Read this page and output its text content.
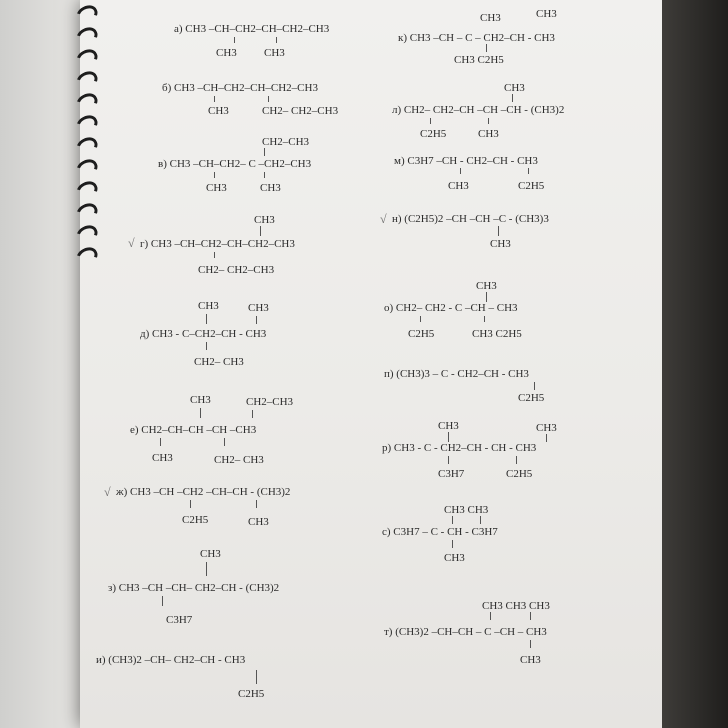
а) CH3 –CH–CH2–CH–CH2–CH3
CH3 CH3
б) CH3 –CH–CH2–CH–CH2–CH3
CH3	CH2– CH2–CH3
CH2–CH3
в) CH3 –CH–CH2– C –CH2–CH3
CH3	CH3
CH3
√ г) CH3 –CH–CH2–CH–CH2–CH3
CH2– CH2–CH3
CH3	CH3
д) CH3 - C–CH2–CH - CH3
CH2– CH3
CH3	CH2–CH3
е) CH2–CH–CH –CH –CH3
CH3	CH2– CH3
√ ж) CH3 –CH –CH2 –CH–CH - (CH3)2
C2H5	CH3
CH3
з) CH3 –CH –CH– CH2–CH - (CH3)2
C3H7
и) (CH3)2 –CH– CH2–CH - CH3
C2H5
CH3	CH3
к) CH3 –CH – C – CH2–CH - CH3
CH3 C2H5
CH3
л) CH2– CH2–CH –CH –CH - (CH3)2
C2H5	CH3
м) C3H7 –CH - CH2–CH - CH3
CH3	C2H5
√ н) (C2H5)2 –CH –CH –C - (CH3)3
CH3
CH3
о) CH2– CH2 - C –CH – CH3
C2H5	CH3 C2H5
п) (CH3)3 – C - CH2–CH - CH3
C2H5
CH3	CH3
р) CH3 - C - CH2–CH - CH - CH3
C3H7	C2H5
CH3 CH3
с) C3H7 – C - CH - C3H7
CH3
CH3 CH3 CH3
т) (CH3)2 –CH–CH – C –CH – CH3
CH3
